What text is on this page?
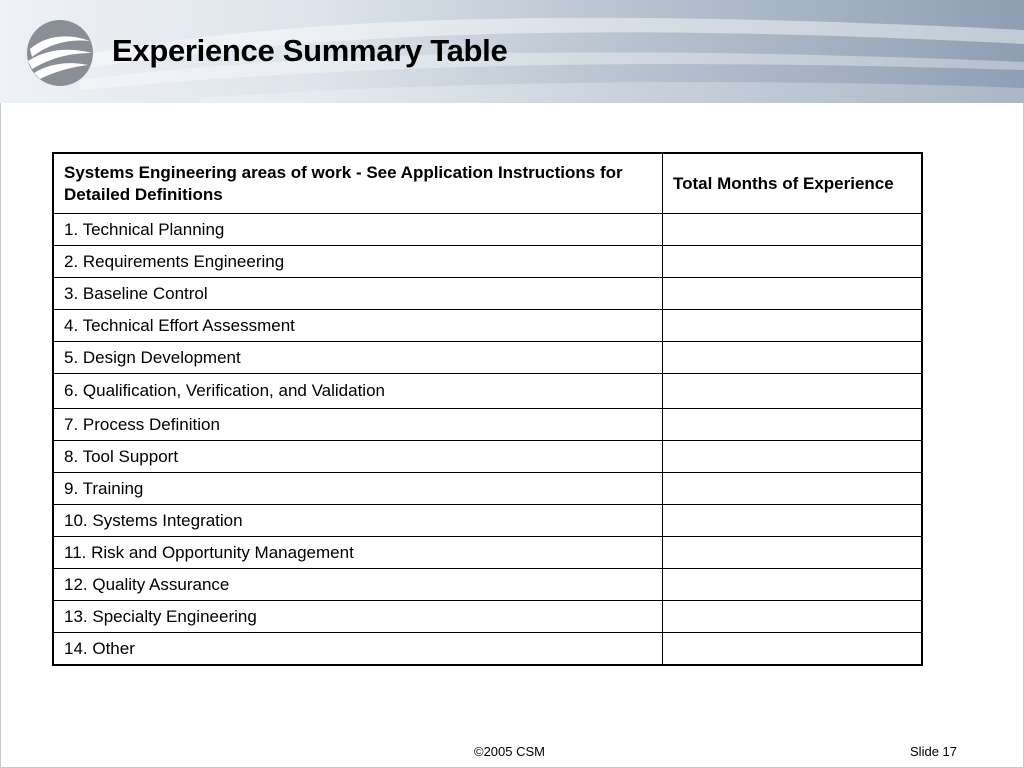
Experience Summary Table
Systems Engineering areas of work - See Application Instructions for Detailed Definitions	Total Months of Experience
1. Technical Planning	
2. Requirements Engineering	
3. Baseline Control	
4. Technical Effort Assessment	
5. Design Development	
6. Qualification, Verification, and Validation	
7. Process Definition	
8. Tool Support	
9. Training	
10. Systems Integration	
11. Risk and Opportunity Management	
12. Quality Assurance	
13. Specialty Engineering	
14. Other	
©2005 CSM	Slide 17
